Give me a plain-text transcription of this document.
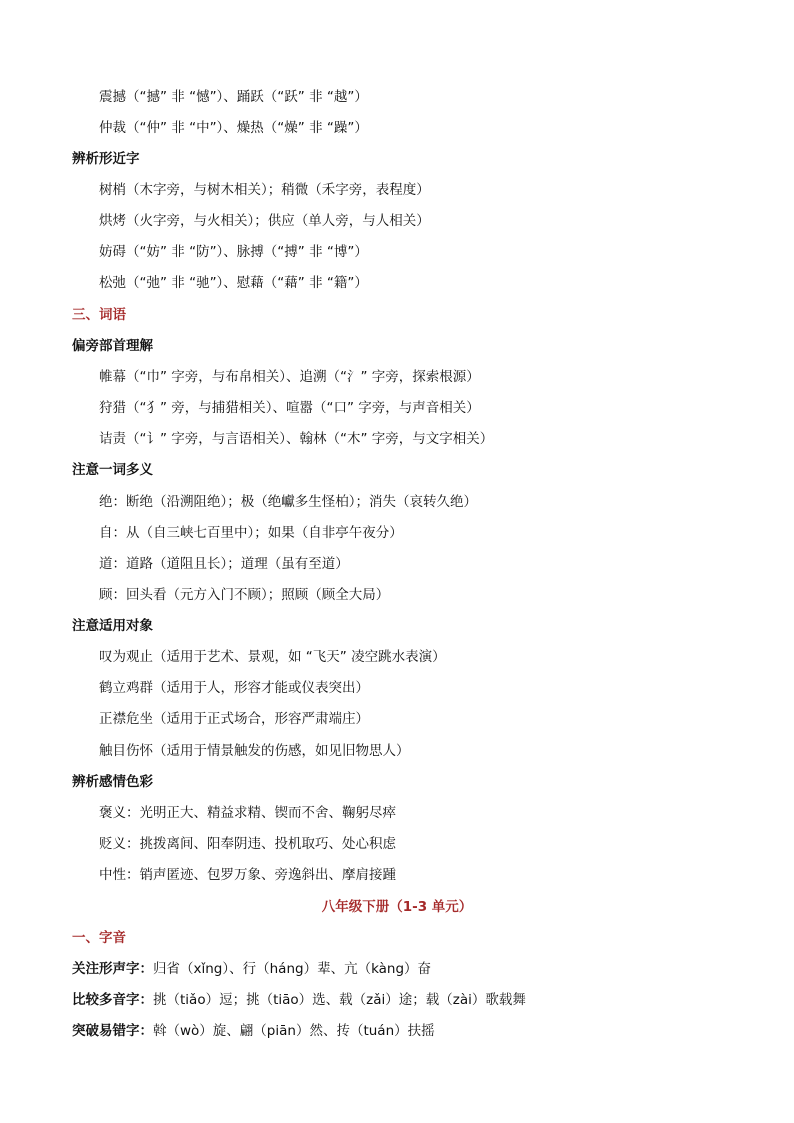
震撼（“撼” 非 “憾”）、踊跃（“跃” 非 “越”）
仲裁（“仲” 非 “中”）、燥热（“燥” 非 “躁”）
辨析形近字
树梢（木字旁，与树木相关）；稍微（禾字旁，表程度）
烘烤（火字旁，与火相关）；供应（单人旁，与人相关）
妨碍（“妨” 非 “防”）、脉搏（“搏” 非 “博”）
松弛（“弛” 非 “驰”）、慰藉（“藉” 非 “籍”）
三、词语
偏旁部首理解
帷幕（“巾” 字旁，与布帛相关）、追溯（“氵” 字旁，探索根源）
狩猎（“犭” 旁，与捕猎相关）、喧嚣（“口” 字旁，与声音相关）
诘责（“讠” 字旁，与言语相关）、翰林（“木” 字旁，与文字相关）
注意一词多义
绝：断绝（沿溯阻绝）；极（绝巘多生怪柏）；消失（哀转久绝）
自：从（自三峡七百里中）；如果（自非亭午夜分）
道：道路（道阻且长）；道理（虽有至道）
顾：回头看（元方入门不顾）；照顾（顾全大局）
注意适用对象
叹为观止（适用于艺术、景观，如 “飞天” 凌空跳水表演）
鹤立鸡群（适用于人，形容才能或仪表突出）
正襟危坐（适用于正式场合，形容严肃端庄）
触目伤怀（适用于情景触发的伤感，如见旧物思人）
辨析感情色彩
褒义：光明正大、精益求精、锲而不舍、鞠躬尽瘁
贬义：挑拨离间、阳奉阴违、投机取巧、处心积虑
中性：销声匿迹、包罗万象、旁逸斜出、摩肩接踵
八年级下册（1-3 单元）
一、字音
关注形声字：归省（xǐng）、行（háng）辈、亢（kàng）奋
比较多音字：挑（tiǎo）逗；挑（tiāo）选、载（zǎi）途；载（zài）歌载舞
突破易错字：斡（wò）旋、翩（piān）然、抟（tuán）扶摇
